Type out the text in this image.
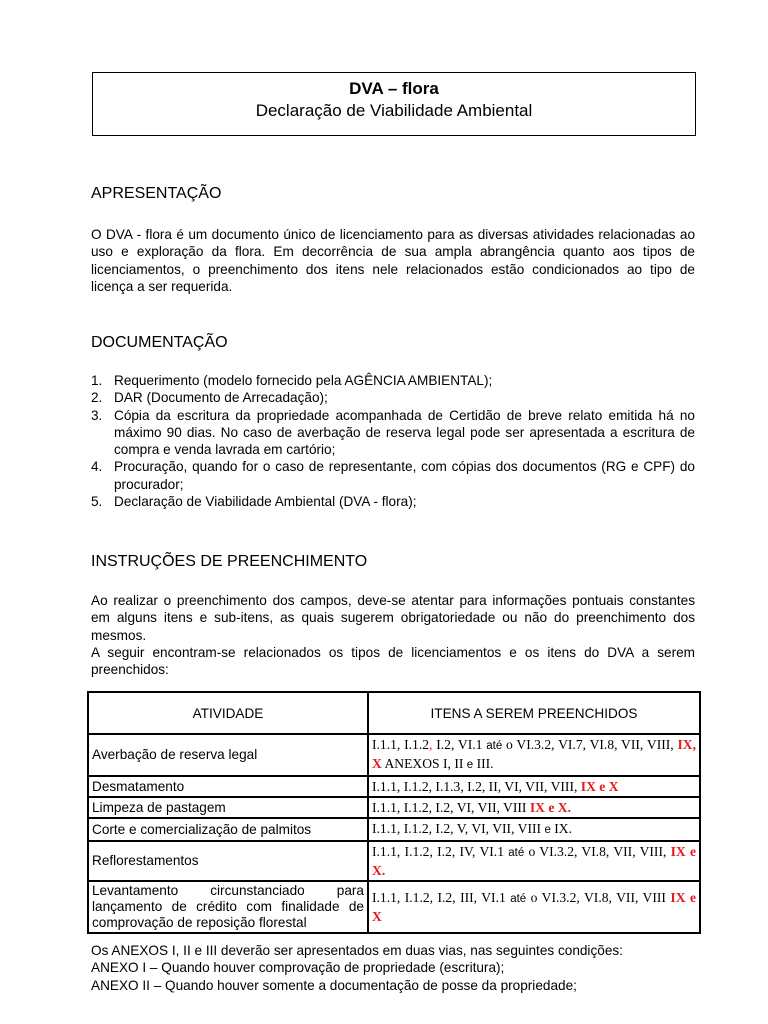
DVA – flora
Declaração de Viabilidade Ambiental
APRESENTAÇÃO
O DVA - flora é um documento único de licenciamento para as diversas atividades relacionadas ao uso e exploração da flora. Em decorrência de sua ampla abrangência quanto aos tipos de licenciamentos, o preenchimento dos itens nele relacionados estão condicionados ao tipo de licença a ser requerida.
DOCUMENTAÇÃO
1. Requerimento (modelo fornecido pela AGÊNCIA AMBIENTAL);
2. DAR (Documento de Arrecadação);
3. Cópia da escritura da propriedade acompanhada de Certidão de breve relato emitida há no máximo 90 dias. No caso de averbação de reserva legal pode ser apresentada a escritura de compra e venda lavrada em cartório;
4. Procuração, quando for o caso de representante, com cópias dos documentos (RG e CPF) do procurador;
5. Declaração de Viabilidade Ambiental (DVA - flora);
INSTRUÇÕES DE PREENCHIMENTO
Ao realizar o preenchimento dos campos, deve-se atentar para informações pontuais constantes em alguns itens e sub-itens, as quais sugerem obrigatoriedade ou não do preenchimento dos mesmos.
A seguir encontram-se relacionados os tipos de licenciamentos e os itens do DVA a serem preenchidos:
ATIVIDADE	ITENS A SEREM PREENCHIDOS
Averbação de reserva legal	I.1.1, I.1.2, I.2, VI.1 até o VI.3.2, VI.7, VI.8, VII, VIII, IX, X ANEXOS I, II e III.
Desmatamento	I.1.1, I.1.2, I.1.3, I.2, II, VI, VII, VIII, IX e X
Limpeza de pastagem	I.1.1, I.1.2, I.2, VI, VII, VIII IX e X.
Corte e comercialização de palmitos	I.1.1, I.1.2, I.2, V, VI, VII, VIII e IX.
Reflorestamentos	I.1.1, I.1.2, I.2, IV, VI.1 até o VI.3.2, VI.8, VII, VIII, IX e X.
Levantamento circunstanciado para lançamento de crédito com finalidade de comprovação de reposição florestal	I.1.1, I.1.2, I.2, III, VI.1 até o VI.3.2, VI.8, VII, VIII IX e X
Os ANEXOS I, II e III deverão ser apresentados em duas vias, nas seguintes condições:
ANEXO I – Quando houver comprovação de propriedade (escritura);
ANEXO II – Quando houver somente a documentação de posse da propriedade;
